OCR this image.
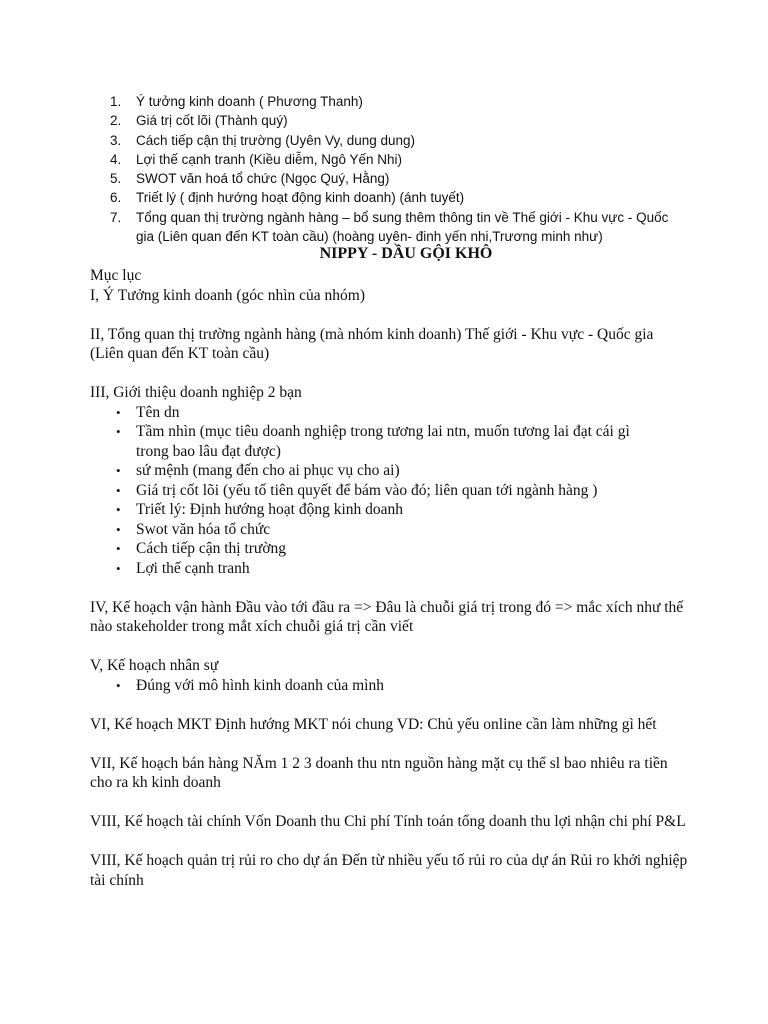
1. Ý tưởng kinh doanh ( Phương Thanh)
2. Giá trị cốt lõi (Thành quý)
3. Cách tiếp cận thị trường (Uyên Vy, dung dung)
4. Lợi thế cạnh tranh (Kiều diễm, Ngô Yến Nhi)
5. SWOT văn hoá tổ chức (Ngọc Quý, Hằng)
6. Triết lý ( định hướng hoạt động kinh doanh) (ánh tuyết)
7. Tổng quan thị trường ngành hàng – bổ sung thêm thông tin về Thế giới - Khu vực - Quốc gia (Liên quan đến KT toàn cầu) (hoàng uyên- đinh yến nhi,Trương minh như)
NIPPY - DẦU GỘI KHÔ

Mục lục

I, Ý Tưởng kinh doanh (góc nhìn của nhóm)

II, Tổng quan thị trường ngành hàng (mà nhóm kinh doanh) Thế giới - Khu vực - Quốc gia (Liên quan đến KT toàn cầu)

III, Giới thiệu doanh nghiệp 2 bạn

• Tên dn
• Tầm nhìn (mục tiêu doanh nghiệp trong tương lai ntn, muốn tương lai đạt cái gì trong bao lâu đạt được)
• sứ mệnh (mang đến cho ai phục vụ cho ai)
• Giá trị cốt lõi (yếu tố tiên quyết để bám vào đó; liên quan tới ngành hàng )
• Triết lý: Định hướng hoạt động kinh doanh
• Swot văn hóa tổ chức
• Cách tiếp cận thị trường
• Lợi thế cạnh tranh

IV, Kế hoạch vận hành Đầu vào tới đầu ra => Đâu là chuỗi giá trị trong đó => mắc xích như thế nào stakeholder trong mắt xích chuỗi giá trị cần viết

V, Kế hoạch nhân sự

• Đúng với mô hình kinh doanh của mình

VI, Kế hoạch MKT Định hướng MKT nói chung VD: Chủ yếu online cần làm những gì hết

VII, Kế hoạch bán hàng NĂm 1 2 3 doanh thu ntn nguồn hàng mặt cụ thể sl bao nhiêu ra tiền cho ra kh kinh doanh

VIII, Kế hoạch tài chính Vốn Doanh thu Chi phí Tính toán tổng doanh thu lợi nhận chi phí P&L

VIII, Kế hoạch quản trị rủi ro cho dự án Đến từ nhiều yếu tố rủi ro của dự án Rủi ro khởi nghiệp tài chính
